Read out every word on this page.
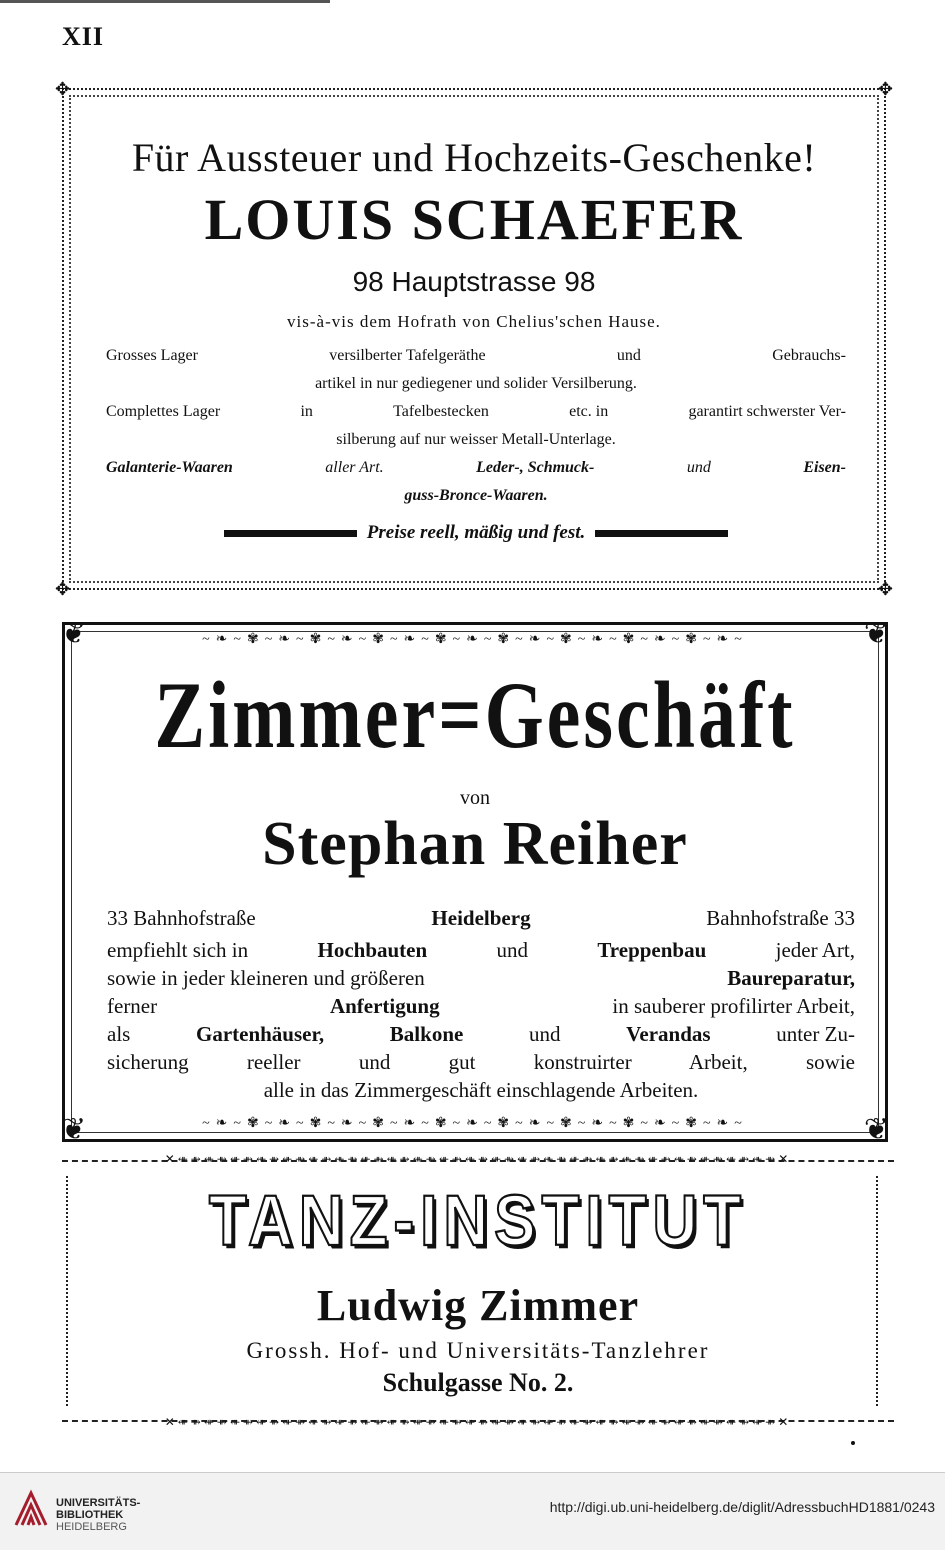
XII
✥	✥
✥	✥
Für Aussteuer und Hochzeits-Geschenke!
LOUIS SCHAEFER
98 Hauptstrasse 98
vis-à-vis dem Hofrath von Chelius'schen Hause.
Grosses Lager	versilberter Tafelgeräthe	und	Gebrauchs-
artikel in nur gediegener und solider Versilberung.
Complettes Lager	in	Tafelbestecken	etc. in	garantirt schwerster Ver-
silberung auf nur weisser Metall-Unterlage.
Galanterie-Waaren	aller Art.	Leder-, Schmuck-	und	Eisen-
guss-Bronce-Waaren.
Preise reell, mäßig und fest.
❦	❦
❦	❦
~❧~✾~❧~✾~❧~✾~❧~✾~❧~✾~❧~✾~❧~✾~❧~✾~❧~
~❧~✾~❧~✾~❧~✾~❧~✾~❧~✾~❧~✾~❧~✾~❧~✾~❧~
Zimmer=Geschäft
von
Stephan Reiher
33 Bahnhofstraße	Heidelberg	Bahnhofstraße 33
empfiehlt sich in	Hochbauten	und	Treppenbau	jeder Art,
sowie in jeder kleineren und größeren	Baureparatur,
ferner	Anfertigung	in sauberer profilirter Arbeit,
als	Gartenhäuser,	Balkone	und	Verandas	unter Zu-
sicherung reeller und gut konstruirter Arbeit, sowie
alle in das Zimmergeschäft einschlagende Arbeiten.
✕⇺⇻⇺⇻⇺⇻⇺⇻⇺⇻⇺⇻⇺⇻⇺⇻⇺⇻⇺⇻⇺⇻⇺⇻⇺⇻⇺⇻⇺⇻⇺⇻⇺⇻⇺⇻⇺⇻⇺⇻⇺⇻⇺⇻⇺⇻✕
✕⇺⇻⇺⇻⇺⇻⇺⇻⇺⇻⇺⇻⇺⇻⇺⇻⇺⇻⇺⇻⇺⇻⇺⇻⇺⇻⇺⇻⇺⇻⇺⇻⇺⇻⇺⇻⇺⇻⇺⇻⇺⇻⇺⇻⇺⇻✕
TANZ-INSTITUT
Ludwig Zimmer
Grossh. Hof- und Universitäts-Tanzlehrer
Schulgasse No. 2.
UNIVERSITÄTS-
BIBLIOTHEK
HEIDELBERG
http://digi.ub.uni-heidelberg.de/diglit/AdressbuchHD1881/0243
